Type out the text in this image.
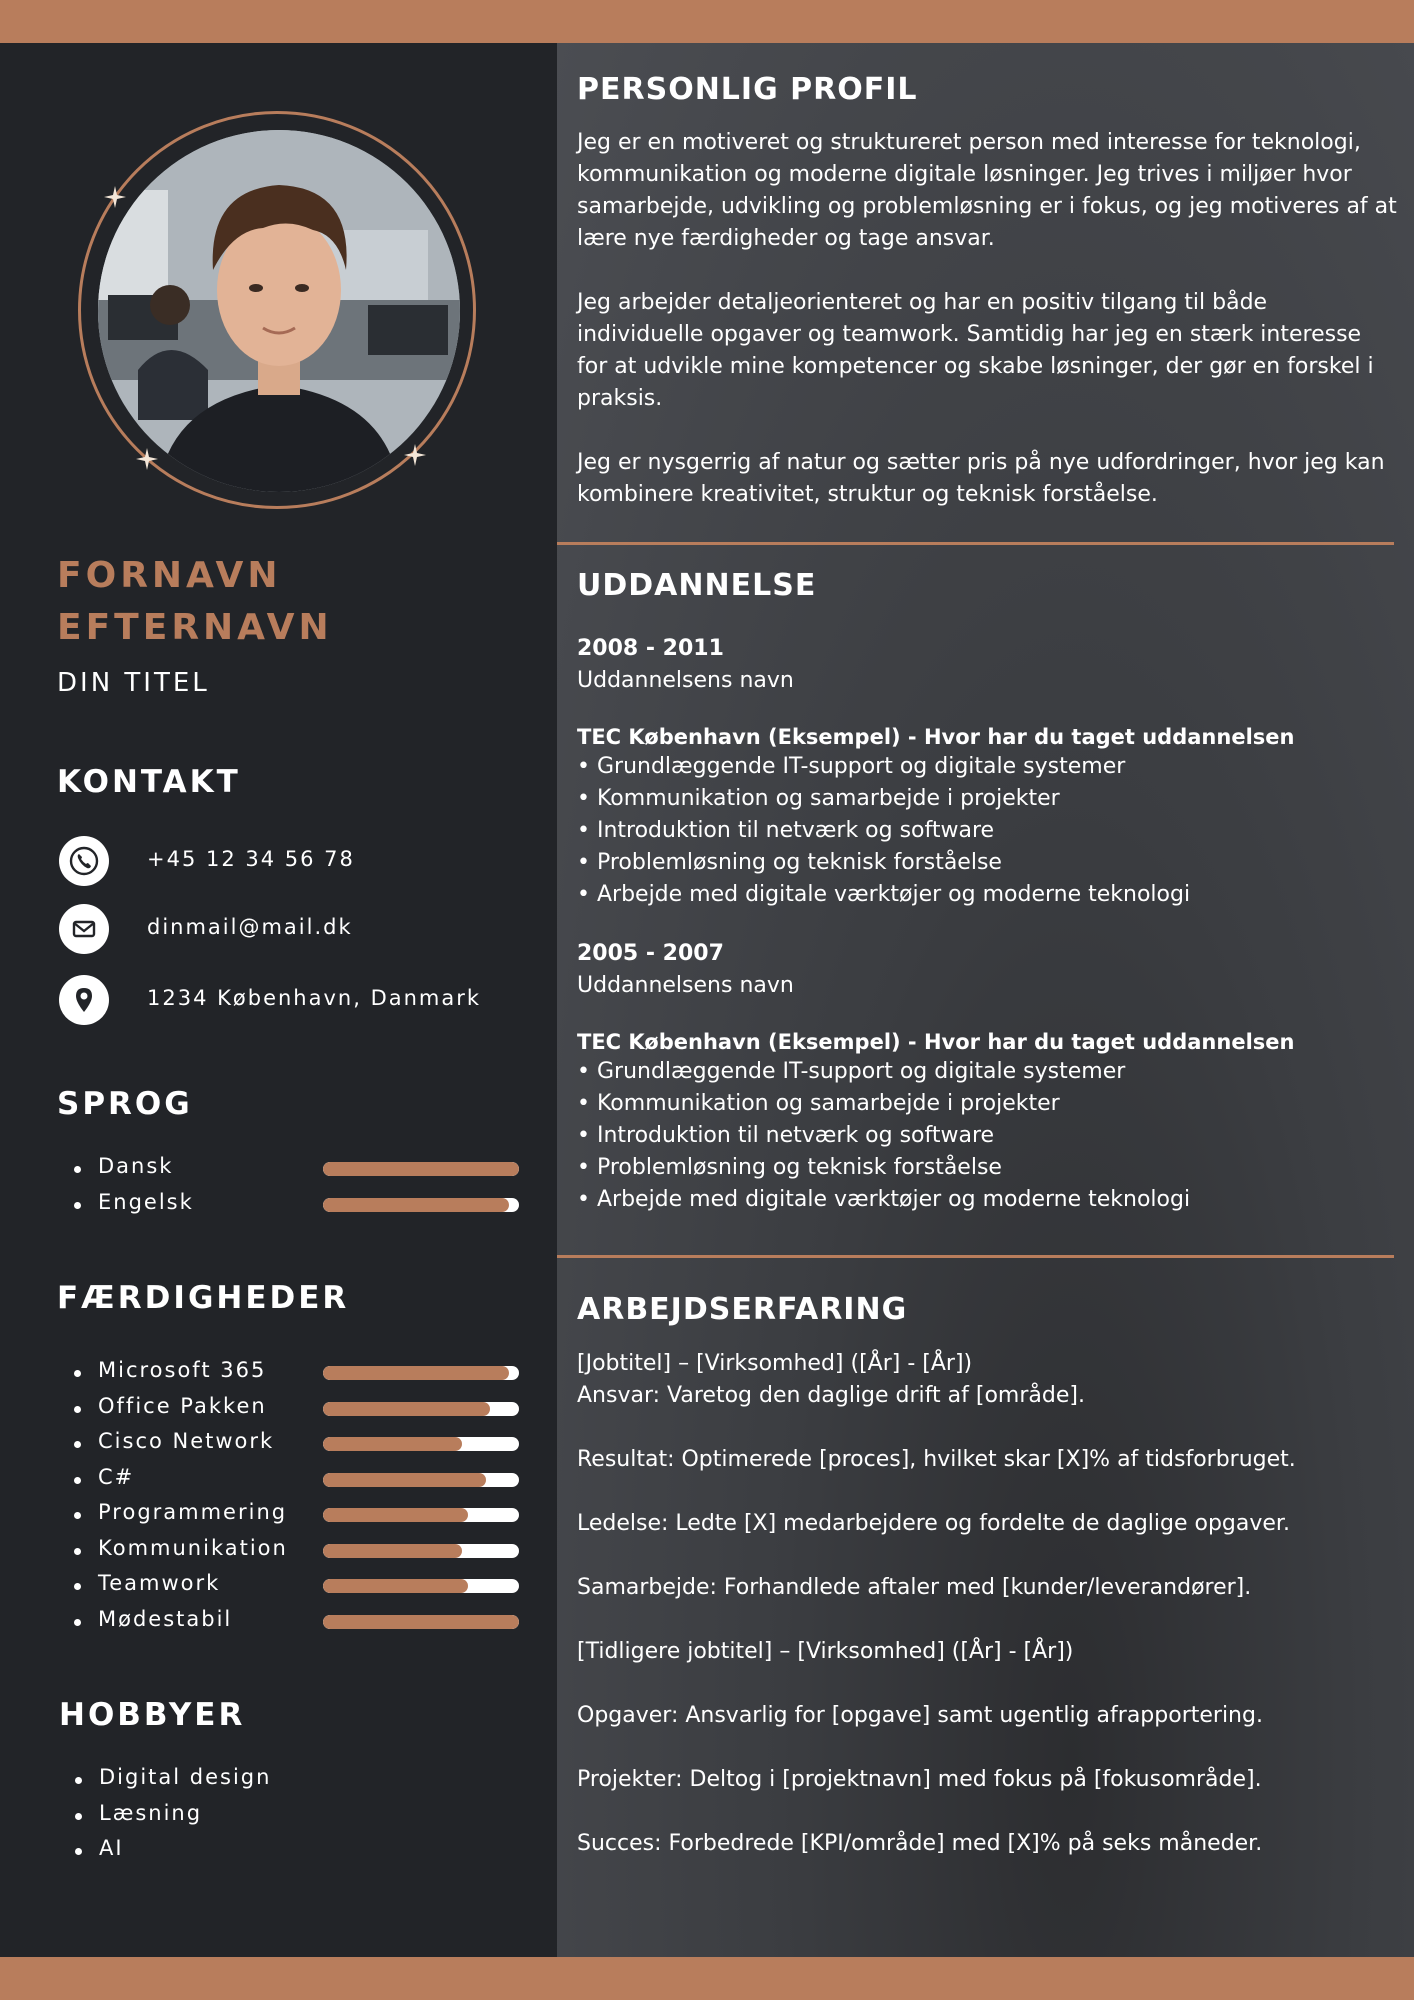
FORNAVN
EFTERNAVN
DIN TITEL
KONTAKT
+45 12 34 56 78
dinmail@mail.dk
1234 København, Danmark
SPROG
Dansk
Engelsk
FÆRDIGHEDER
Microsoft 365
Office Pakken
Cisco Network
C#
Programmering
Kommunikation
Teamwork
Mødestabil
HOBBYER
Digital design
Læsning
AI
PERSONLIG PROFIL

Jeg er en motiveret og struktureret person med interesse for teknologi, kommunikation og moderne digitale løsninger. Jeg trives i miljøer hvor samarbejde, udvikling og problemløsning er i fokus, og jeg motiveres af at lære nye færdigheder og tage ansvar.

Jeg arbejder detaljeorienteret og har en positiv tilgang til både individuelle opgaver og teamwork. Samtidig har jeg en stærk interesse for at udvikle mine kompetencer og skabe løsninger, der gør en forskel i praksis.

Jeg er nysgerrig af natur og sætter pris på nye udfordringer, hvor jeg kan kombinere kreativitet, struktur og teknisk forståelse.

UDDANNELSE
2008 - 2011
Uddannelsens navn
TEC København (Eksempel) - Hvor har du taget uddannelsen
• Grundlæggende IT-support og digitale systemer
• Kommunikation og samarbejde i projekter
• Introduktion til netværk og software
• Problemløsning og teknisk forståelse
• Arbejde med digitale værktøjer og moderne teknologi
2005 - 2007
Uddannelsens navn
TEC København (Eksempel) - Hvor har du taget uddannelsen
• Grundlæggende IT-support og digitale systemer
• Kommunikation og samarbejde i projekter
• Introduktion til netværk og software
• Problemløsning og teknisk forståelse
• Arbejde med digitale værktøjer og moderne teknologi
ARBEJDSERFARING
[Jobtitel] – [Virksomhed] ([År] - [År])
Ansvar: Varetog den daglige drift af [område].
Resultat: Optimerede [proces], hvilket skar [X]% af tidsforbruget.
Ledelse: Ledte [X] medarbejdere og fordelte de daglige opgaver.
Samarbejde: Forhandlede aftaler med [kunder/leverandører].
[Tidligere jobtitel] – [Virksomhed] ([År] - [År])
Opgaver: Ansvarlig for [opgave] samt ugentlig afrapportering.
Projekter: Deltog i [projektnavn] med fokus på [fokusområde].
Succes: Forbedrede [KPI/område] med [X]% på seks måneder.
